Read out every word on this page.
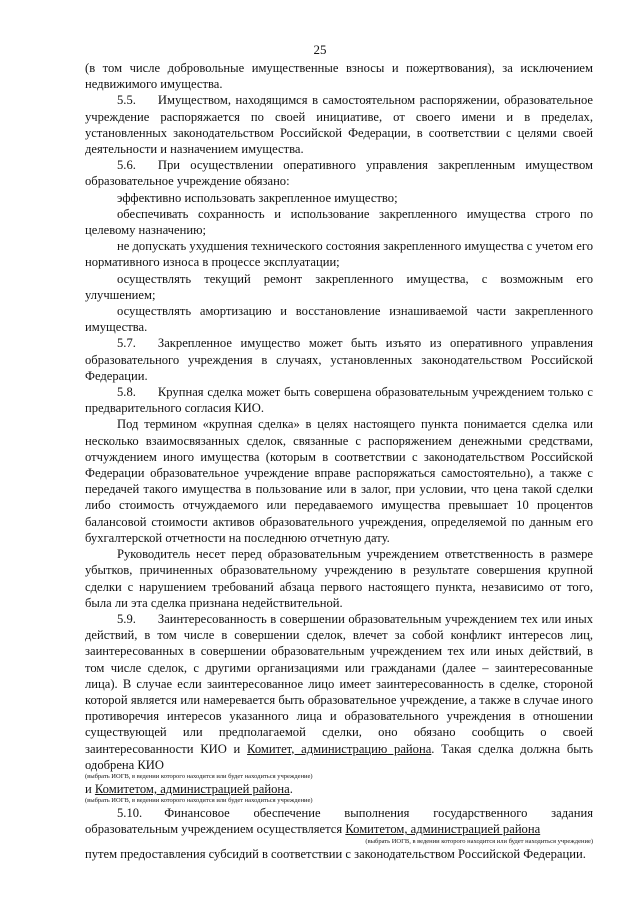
25

(в том числе добровольные имущественные взносы и пожертвования), за исключением недвижимого имущества.

5.5. Имуществом, находящимся в самостоятельном распоряжении, образовательное учреждение распоряжается по своей инициативе, от своего имени и в пределах, установленных законодательством Российской Федерации, в соответствии с целями своей деятельности и назначением имущества.

5.6. При осуществлении оперативного управления закрепленным имуществом образовательное учреждение обязано:

эффективно использовать закрепленное имущество;

обеспечивать сохранность и использование закрепленного имущества строго по целевому назначению;

не допускать ухудшения технического состояния закрепленного имущества с учетом его нормативного износа в процессе эксплуатации;

осуществлять текущий ремонт закрепленного имущества, с возможным его улучшением;

осуществлять амортизацию и восстановление изнашиваемой части закрепленного имущества.

5.7. Закрепленное имущество может быть изъято из оперативного управления образовательного учреждения в случаях, установленных законодательством Российской Федерации.

5.8. Крупная сделка может быть совершена образовательным учреждением только с предварительного согласия КИО.

Под термином «крупная сделка» в целях настоящего пункта понимается сделка или несколько взаимосвязанных сделок, связанные с распоряжением денежными средствами, отчуждением иного имущества (которым в соответствии с законодательством Российской Федерации образовательное учреждение вправе распоряжаться самостоятельно), а также с передачей такого имущества в пользование или в залог, при условии, что цена такой сделки либо стоимость отчуждаемого или передаваемого имущества превышает 10 процентов балансовой стоимости активов образовательного учреждения, определяемой по данным его бухгалтерской отчетности на последнюю отчетную дату.

Руководитель несет перед образовательным учреждением ответственность в размере убытков, причиненных образовательному учреждению в результате совершения крупной сделки с нарушением требований абзаца первого настоящего пункта, независимо от того, была ли эта сделка признана недействительной.

5.9. Заинтересованность в совершении образовательным учреждением тех или иных действий, в том числе в совершении сделок, влечет за собой конфликт интересов лиц, заинтересованных в совершении образовательным учреждением тех или иных действий, в том числе сделок, с другими организациями или гражданами (далее – заинтересованные лица). В случае если заинтересованное лицо имеет заинтересованность в сделке, стороной которой является или намеревается быть образовательное учреждение, а также в случае иного противоречия интересов указанного лица и образовательного учреждения в отношении существующей или предполагаемой сделки, оно обязано сообщить о своей заинтересованности КИО и Комитет, администрацию района. Такая сделка должна быть одобрена КИО

(выбрать ИОГВ, в ведении которого находится или будет находиться учреждение)

и Комитетом, администрацией района.

(выбрать ИОГВ, в ведении которого находится или будет находиться учреждение)

5.10. Финансовое обеспечение выполнения государственного задания образовательным учреждением осуществляется Комитетом, администрацией района

(выбрать ИОГВ, в ведении которого находится или будет находиться учреждение)

путем предоставления субсидий в соответствии с законодательством Российской Федерации.
